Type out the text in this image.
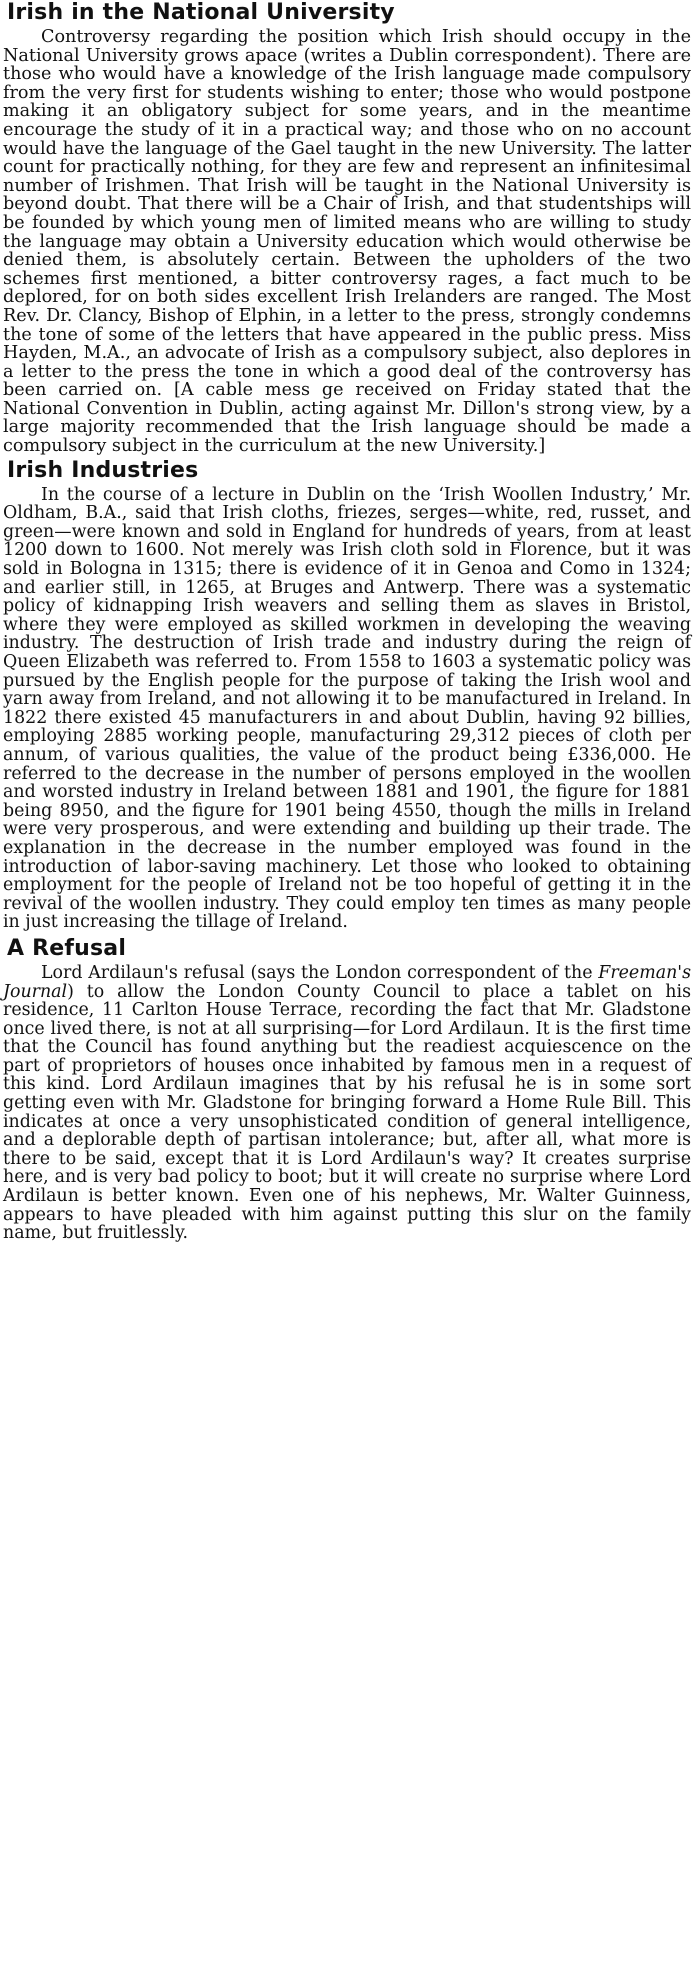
Irish in the National University

Controversy regarding the position which Irish should occupy in the National University grows apace (writes a Dublin correspondent). There are those who would have a knowledge of the Irish language made compulsory from the very first for students wishing to enter; those who would postpone making it an obligatory subject for some years, and in the meantime encourage the study of it in a practical way; and those who on no account would have the language of the Gael taught in the new University. The latter count for practically nothing, for they are few and represent an infinitesimal number of Irishmen. That Irish will be taught in the National University is beyond doubt. That there will be a Chair of Irish, and that studentships will be founded by which young men of limited means who are willing to study the language may obtain a University education which would otherwise be denied them, is absolutely certain. Between the upholders of the two schemes first mentioned, a bitter controversy rages, a fact much to be deplored, for on both sides excellent Irish Irelanders are ranged. The Most Rev. Dr. Clancy, Bishop of Elphin, in a letter to the press, strongly condemns the tone of some of the letters that have appeared in the public press. Miss Hayden, M.A., an advocate of Irish as a compulsory subject, also deplores in a letter to the press the tone in which a good deal of the controversy has been carried on. [A cable mess ge received on Friday stated that the National Convention in Dublin, acting against Mr. Dillon's strong view, by a large majority recommended that the Irish language should be made a compulsory subject in the curriculum at the new University.]

Irish Industries

In the course of a lecture in Dublin on the ‘Irish Woollen Industry,’ Mr. Oldham, B.A., said that Irish cloths, friezes, serges—white, red, russet, and green—were known and sold in England for hundreds of years, from at least 1200 down to 1600. Not merely was Irish cloth sold in Florence, but it was sold in Bologna in 1315; there is evidence of it in Genoa and Como in 1324; and earlier still, in 1265, at Bruges and Antwerp. There was a systematic policy of kidnapping Irish weavers and selling them as slaves in Bristol, where they were employed as skilled workmen in developing the weaving industry. The destruction of Irish trade and industry during the reign of Queen Elizabeth was referred to. From 1558 to 1603 a systematic policy was pursued by the English people for the purpose of taking the Irish wool and yarn away from Ireland, and not allowing it to be manufactured in Ireland. In 1822 there existed 45 manufacturers in and about Dublin, having 92 billies, employing 2885 working people, manufacturing 29,312 pieces of cloth per annum, of various qualities, the value of the product being £336,000. He referred to the decrease in the number of persons employed in the woollen and worsted industry in Ireland between 1881 and 1901, the figure for 1881 being 8950, and the figure for 1901 being 4550, though the mills in Ireland were very prosperous, and were extending and building up their trade. The explanation in the decrease in the number employed was found in the introduction of labor-saving machinery. Let those who looked to obtaining employment for the people of Ireland not be too hopeful of getting it in the revival of the woollen industry. They could employ ten times as many people in just increasing the tillage of Ireland.

A Refusal

Lord Ardilaun's refusal (says the London correspondent of the Freeman's Journal) to allow the London County Council to place a tablet on his residence, 11 Carlton House Terrace, recording the fact that Mr. Gladstone once lived there, is not at all surprising—for Lord Ardilaun. It is the first time that the Council has found anything but the readiest acquiescence on the part of proprietors of houses once inhabited by famous men in a request of this kind. Lord Ardilaun imagines that by his refusal he is in some sort getting even with Mr. Gladstone for bringing forward a Home Rule Bill. This indicates at once a very unsophisticated condition of general intelligence, and a deplorable depth of partisan intolerance; but, after all, what more is there to be said, except that it is Lord Ardilaun's way? It creates surprise here, and is very bad policy to boot; but it will create no surprise where Lord Ardilaun is better known. Even one of his nephews, Mr. Walter Guinness, appears to have pleaded with him against putting this slur on the family name, but fruitlessly.
